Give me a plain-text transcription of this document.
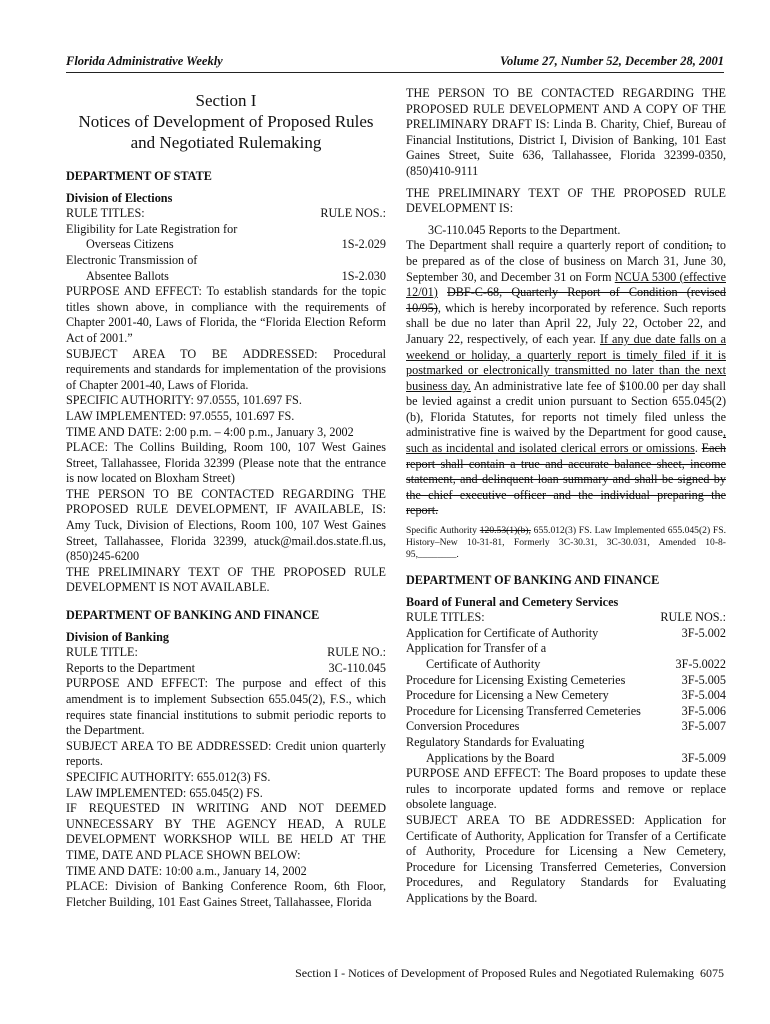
Florida Administrative Weekly	Volume 27, Number 52, December 28, 2001
Section I
Notices of Development of Proposed Rules
and Negotiated Rulemaking
DEPARTMENT OF STATE
Division of Elections
RULE TITLES:	RULE NOS.:
Eligibility for Late Registration for
Overseas Citizens	1S-2.029
Electronic Transmission of
Absentee Ballots	1S-2.030

PURPOSE AND EFFECT: To establish standards for the topic titles shown above, in compliance with the requirements of Chapter 2001-40, Laws of Florida, the “Florida Election Reform Act of 2001.”

SUBJECT AREA TO BE ADDRESSED: Procedural requirements and standards for implementation of the provisions of Chapter 2001-40, Laws of Florida.

SPECIFIC AUTHORITY: 97.0555, 101.697 FS.

LAW IMPLEMENTED: 97.0555, 101.697 FS.

TIME AND DATE: 2:00 p.m. – 4:00 p.m., January 3, 2002

PLACE: The Collins Building, Room 100, 107 West Gaines Street, Tallahassee, Florida 32399 (Please note that the entrance is now located on Bloxham Street)

THE PERSON TO BE CONTACTED REGARDING THE PROPOSED RULE DEVELOPMENT, IF AVAILABLE, IS: Amy Tuck, Division of Elections, Room 100, 107 West Gaines Street, Tallahassee, Florida 32399, atuck@mail.dos.state.fl.us, (850)245-6200

THE PRELIMINARY TEXT OF THE PROPOSED RULE DEVELOPMENT IS NOT AVAILABLE.

DEPARTMENT OF BANKING AND FINANCE
Division of Banking
RULE TITLE:	RULE NO.:
Reports to the Department	3C-110.045

PURPOSE AND EFFECT: The purpose and effect of this amendment is to implement Subsection 655.045(2), F.S., which requires state financial institutions to submit periodic reports to the Department.

SUBJECT AREA TO BE ADDRESSED: Credit union quarterly reports.

SPECIFIC AUTHORITY: 655.012(3) FS.

LAW IMPLEMENTED: 655.045(2) FS.

IF REQUESTED IN WRITING AND NOT DEEMED UNNECESSARY BY THE AGENCY HEAD, A RULE DEVELOPMENT WORKSHOP WILL BE HELD AT THE TIME, DATE AND PLACE SHOWN BELOW:

TIME AND DATE: 10:00 a.m., January 14, 2002

PLACE: Division of Banking Conference Room, 6th Floor, Fletcher Building, 101 East Gaines Street, Tallahassee, Florida

THE PERSON TO BE CONTACTED REGARDING THE PROPOSED RULE DEVELOPMENT AND A COPY OF THE PRELIMINARY DRAFT IS: Linda B. Charity, Chief, Bureau of Financial Institutions, District I, Division of Banking, 101 East Gaines Street, Suite 636, Tallahassee, Florida 32399-0350, (850)410-9111

THE PRELIMINARY TEXT OF THE PROPOSED RULE DEVELOPMENT IS:

3C-110.045 Reports to the Department.

The Department shall require a quarterly report of condition, to be prepared as of the close of business on March 31, June 30, September 30, and December 31 on Form NCUA 5300 (effective 12/01) DBF-C-68, Quarterly Report of Condition (revised 10/95), which is hereby incorporated by reference. Such reports shall be due no later than April 22, July 22, October 22, and January 22, respectively, of each year. If any due date falls on a weekend or holiday, a quarterly report is timely filed if it is postmarked or electronically transmitted no later than the next business day. An administrative late fee of $100.00 per day shall be levied against a credit union pursuant to Section 655.045(2)(b), Florida Statutes, for reports not timely filed unless the administrative fine is waived by the Department for good cause, such as incidental and isolated clerical errors or omissions. Each report shall contain a true and accurate balance sheet, income statement, and delinquent loan summary and shall be signed by the chief executive officer and the individual preparing the report.

Specific Authority 120.53(1)(b), 655.012(3) FS. Law Implemented 655.045(2) FS. History–New 10-31-81, Formerly 3C-30.31, 3C-30.031, Amended 10-8-95,________.

DEPARTMENT OF BANKING AND FINANCE
Board of Funeral and Cemetery Services
RULE TITLES:	RULE NOS.:
Application for Certificate of Authority	3F-5.002
Application for Transfer of a
Certificate of Authority	3F-5.0022
Procedure for Licensing Existing Cemeteries	3F-5.005
Procedure for Licensing a New Cemetery	3F-5.004
Procedure for Licensing Transferred Cemeteries	3F-5.006
Conversion Procedures	3F-5.007
Regulatory Standards for Evaluating
Applications by the Board	3F-5.009

PURPOSE AND EFFECT: The Board proposes to update these rules to incorporate updated forms and remove or replace obsolete language.

SUBJECT AREA TO BE ADDRESSED: Application for Certificate of Authority, Application for Transfer of a Certificate of Authority, Procedure for Licensing a New Cemetery, Procedure for Licensing Transferred Cemeteries, Conversion Procedures, and Regulatory Standards for Evaluating Applications by the Board.

Section I - Notices of Development of Proposed Rules and Negotiated Rulemaking 6075
